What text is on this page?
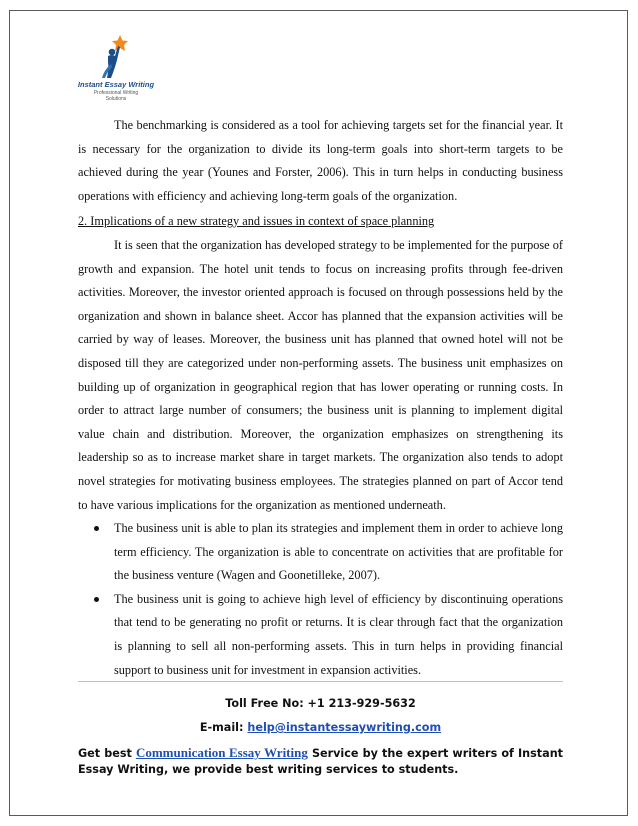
Instant Essay Writing
Professional Writing
Solutions

The benchmarking is considered as a tool for achieving targets set for the financial year. It is necessary for the organization to divide its long-term goals into short-term targets to be achieved during the year (Younes and Forster, 2006). This in turn helps in conducting business operations with efficiency and achieving long-term goals of the organization.

2. Implications of a new strategy and issues in context of space planning

It is seen that the organization has developed strategy to be implemented for the purpose of growth and expansion. The hotel unit tends to focus on increasing profits through fee-driven activities. Moreover, the investor oriented approach is focused on through possessions held by the organization and shown in balance sheet. Accor has planned that the expansion activities will be carried by way of leases. Moreover, the business unit has planned that owned hotel will not be disposed till they are categorized under non-performing assets. The business unit emphasizes on building up of organization in geographical region that has lower operating or running costs. In order to attract large number of consumers; the business unit is planning to implement digital value chain and distribution. Moreover, the organization emphasizes on strengthening its leadership so as to increase market share in target markets. The organization also tends to adopt novel strategies for motivating business employees. The strategies planned on part of Accor tend to have various implications for the organization as mentioned underneath.

The business unit is able to plan its strategies and implement them in order to achieve long term efficiency. The organization is able to concentrate on activities that are profitable for the business venture (Wagen and Goonetilleke, 2007).
The business unit is going to achieve high level of efficiency by discontinuing operations that tend to be generating no profit or returns. It is clear through fact that the organization is planning to sell all non-performing assets. This in turn helps in providing financial support to business unit for investment in expansion activities.
Toll Free No: +1 213-929-5632
E-mail: help@instantessaywriting.com
Get best Communication Essay Writing Service by the expert writers of Instant Essay Writing, we provide best writing services to students.
